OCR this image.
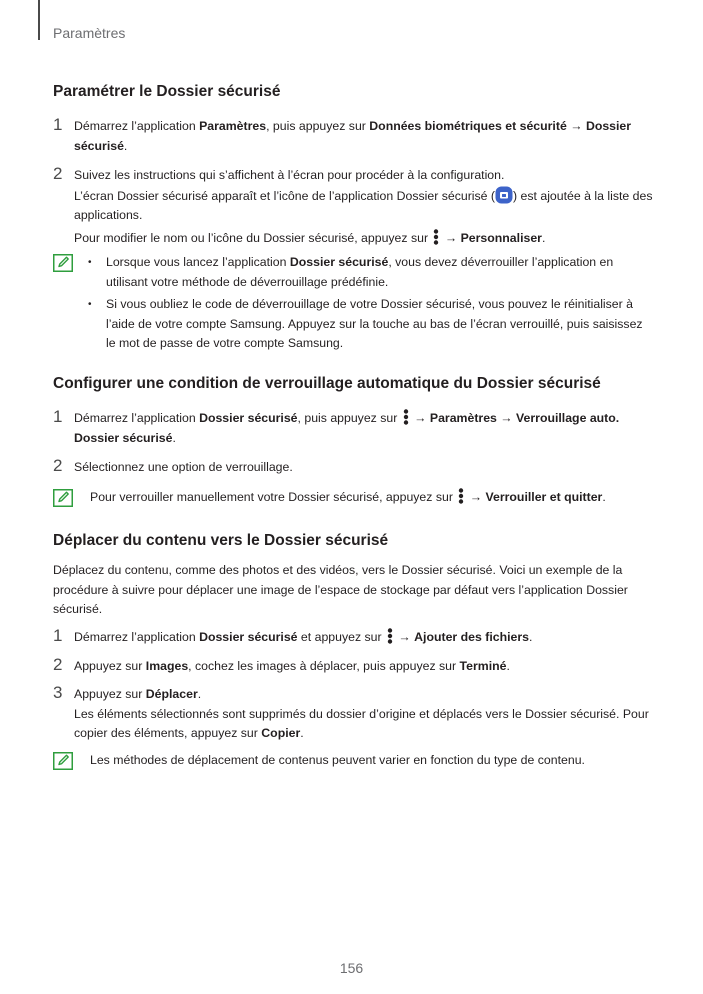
Paramètres
Paramétrer le Dossier sécurisé
1 Démarrez l’application Paramètres, puis appuyez sur Données biométriques et sécurité → Dossier sécurisé.

2 Suivez les instructions qui s’affichent à l’écran pour procéder à la configuration.

L’écran Dossier sécurisé apparaît et l’icône de l’application Dossier sécurisé ( ) est ajoutée à la liste des applications.

Pour modifier le nom ou l’icône du Dossier sécurisé, appuyez sur  → Personnaliser.

• Lorsque vous lancez l’application Dossier sécurisé, vous devez déverrouiller l’application en utilisant votre méthode de déverrouillage prédéfinie.
• Si vous oubliez le code de déverrouillage de votre Dossier sécurisé, vous pouvez le réinitialiser à l’aide de votre compte Samsung. Appuyez sur la touche au bas de l’écran verrouillé, puis saisissez le mot de passe de votre compte Samsung.
Configurer une condition de verrouillage automatique du Dossier sécurisé
1 Démarrez l’application Dossier sécurisé, puis appuyez sur  → Paramètres → Verrouillage auto. Dossier sécurisé.

2 Sélectionnez une option de verrouillage.

Pour verrouiller manuellement votre Dossier sécurisé, appuyez sur  → Verrouiller et quitter.

Déplacer du contenu vers le Dossier sécurisé

Déplacez du contenu, comme des photos et des vidéos, vers le Dossier sécurisé. Voici un exemple de la procédure à suivre pour déplacer une image de l’espace de stockage par défaut vers l’application Dossier sécurisé.

1 Démarrez l’application Dossier sécurisé et appuyez sur  → Ajouter des fichiers.

2 Appuyez sur Images, cochez les images à déplacer, puis appuyez sur Terminé.

3 Appuyez sur Déplacer.

Les éléments sélectionnés sont supprimés du dossier d’origine et déplacés vers le Dossier sécurisé. Pour copier des éléments, appuyez sur Copier.

Les méthodes de déplacement de contenus peuvent varier en fonction du type de contenu.

156
